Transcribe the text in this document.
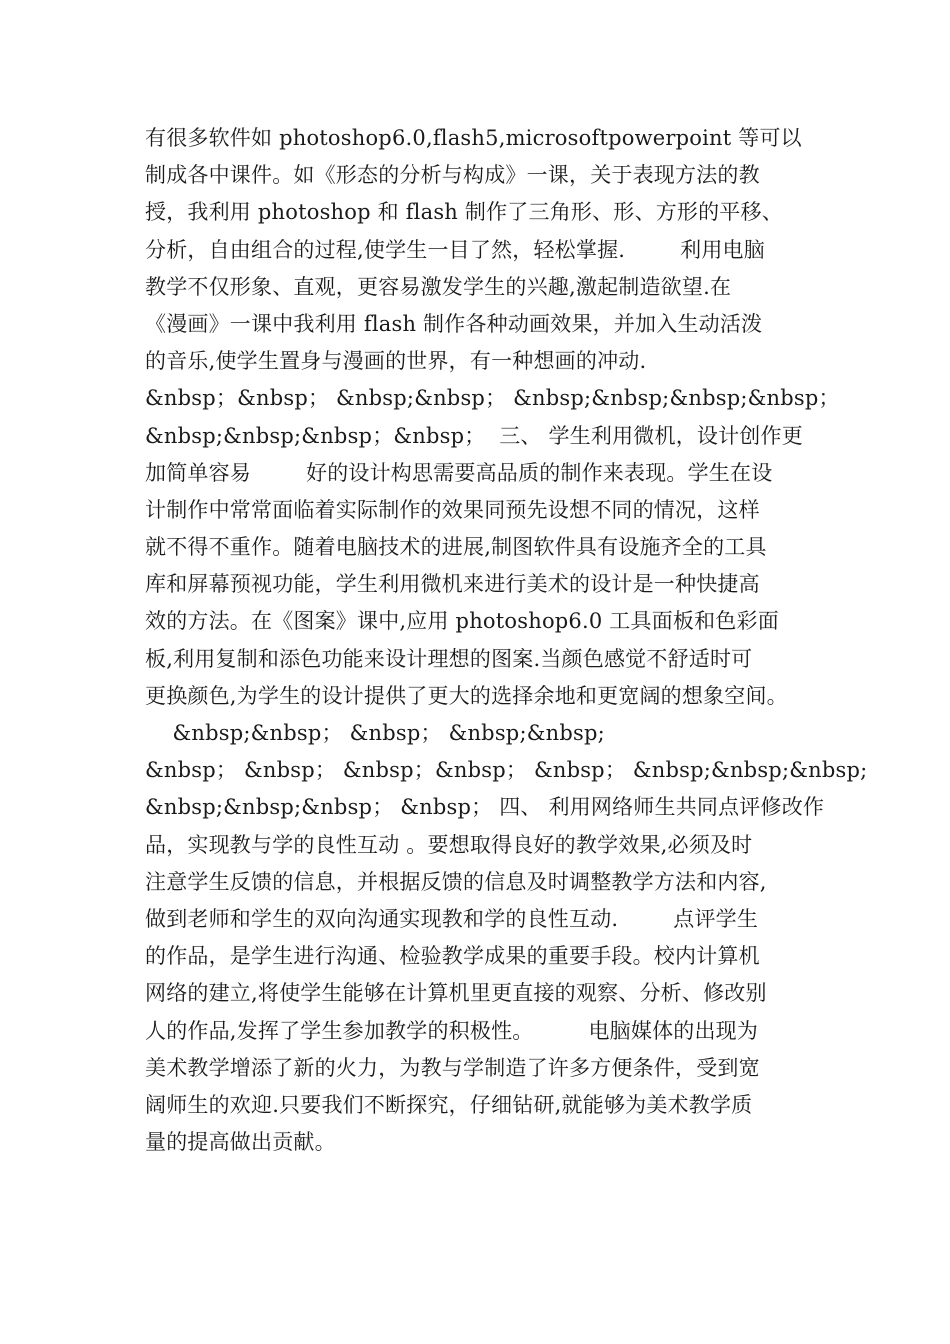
有很多软件如 photoshop6.0,flash5,microsoftpowerpoint 等可以
制成各中课件。如《形态的分析与构成》一课，关于表现方法的教
授，我利用 photoshop 和 flash 制作了三角形、形、方形的平移、
分析，自由组合的过程,使学生一目了然，轻松掌握.        利用电脑
教学不仅形象、直观，更容易激发学生的兴趣,激起制造欲望.在
《漫画》一课中我利用 flash 制作各种动画效果，并加入生动活泼
的音乐,使学生置身与漫画的世界，有一种想画的冲动.
&nbsp；&nbsp； &nbsp;&nbsp； &nbsp;&nbsp;&nbsp;&nbsp；
&nbsp;&nbsp;&nbsp；&nbsp；  三、 学生利用微机，设计创作更
加简单容易        好的设计构思需要高品质的制作来表现。学生在设
计制作中常常面临着实际制作的效果同预先设想不同的情况，这样
就不得不重作。随着电脑技术的进展,制图软件具有设施齐全的工具
库和屏幕预视功能，学生利用微机来进行美术的设计是一种快捷高
效的方法。在《图案》课中,应用 photoshop6.0 工具面板和色彩面
板,利用复制和添色功能来设计理想的图案.当颜色感觉不舒适时可
更换颜色,为学生的设计提供了更大的选择余地和更宽阔的想象空间。
&nbsp;&nbsp； &nbsp； &nbsp;&nbsp;
&nbsp； &nbsp； &nbsp；&nbsp； &nbsp； &nbsp;&nbsp;&nbsp;
&nbsp;&nbsp;&nbsp； &nbsp； 四、 利用网络师生共同点评修改作
品，实现教与学的良性互动 。要想取得良好的教学效果,必须及时
注意学生反馈的信息，并根据反馈的信息及时调整教学方法和内容,
做到老师和学生的双向沟通实现教和学的良性互动.        点评学生
的作品，是学生进行沟通、检验教学成果的重要手段。校内计算机
网络的建立,将使学生能够在计算机里更直接的观察、分析、修改别
人的作品,发挥了学生参加教学的积极性。        电脑媒体的出现为
美术教学增添了新的火力，为教与学制造了许多方便条件，受到宽
阔师生的欢迎.只要我们不断探究，仔细钻研,就能够为美术教学质
量的提高做出贡献。
